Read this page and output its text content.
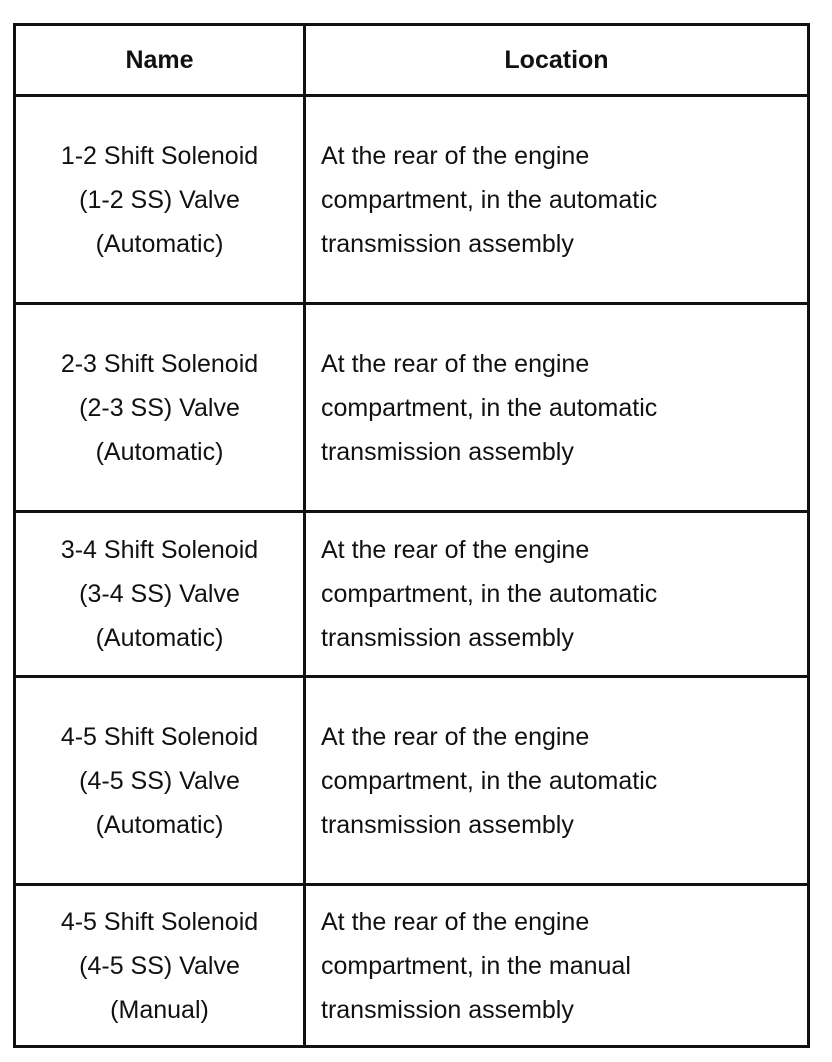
Name	Location
1-2 Shift Solenoid
(1-2 SS) Valve
(Automatic)
At the rear of the engine
compartment, in the automatic
transmission assembly
2-3 Shift Solenoid
(2-3 SS) Valve
(Automatic)
At the rear of the engine
compartment, in the automatic
transmission assembly
3-4 Shift Solenoid
(3-4 SS) Valve
(Automatic)
At the rear of the engine
compartment, in the automatic
transmission assembly
4-5 Shift Solenoid
(4-5 SS) Valve
(Automatic)
At the rear of the engine
compartment, in the automatic
transmission assembly
4-5 Shift Solenoid
(4-5 SS) Valve
(Manual)
At the rear of the engine
compartment, in the manual
transmission assembly
